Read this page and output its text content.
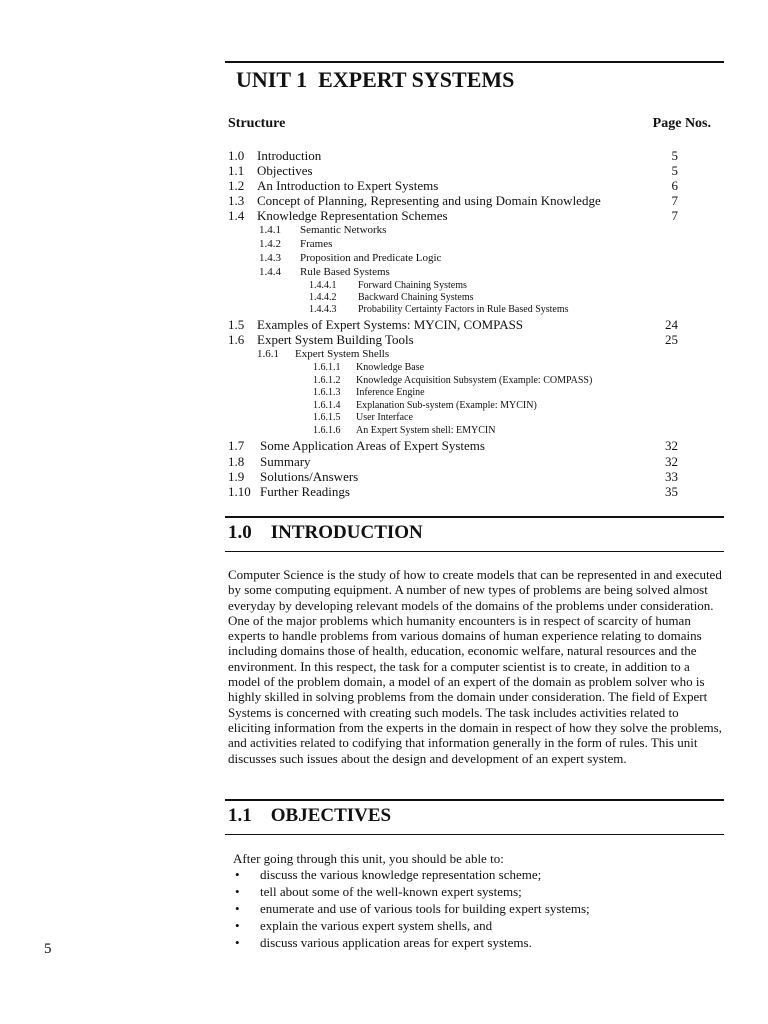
5
UNIT 1  EXPERT SYSTEMS
Structure	Page Nos.
1.0 Introduction	5
1.1 Objectives	5
1.2 An Introduction to Expert Systems	6
1.3 Concept of Planning, Representing and using Domain Knowledge	7
1.4 Knowledge Representation Schemes	7
1.4.1 Semantic Networks
1.4.2 Frames
1.4.3 Proposition and Predicate Logic
1.4.4 Rule Based Systems
1.4.4.1 Forward Chaining Systems
1.4.4.2 Backward Chaining Systems
1.4.4.3 Probability Certainty Factors in Rule Based Systems
1.5 Examples of Expert Systems: MYCIN, COMPASS	24
1.6 Expert System Building Tools	25
1.6.1 Expert System Shells
1.6.1.1 Knowledge Base
1.6.1.2 Knowledge Acquisition Subsystem (Example: COMPASS)
1.6.1.3 Inference Engine
1.6.1.4 Explanation Sub-system (Example: MYCIN)
1.6.1.5 User Interface
1.6.1.6 An Expert System shell: EMYCIN
1.7 Some Application Areas of Expert Systems	32
1.8 Summary	32
1.9 Solutions/Answers	33
1.10 Further Readings	35
1.0    INTRODUCTION

Computer Science is the study of how to create models that can be represented in and executed by some computing equipment. A number of new types of problems are being solved almost everyday by developing relevant models of the domains of the problems under consideration. One of the major problems which humanity encounters is in respect of scarcity of human experts to handle problems from various domains of human experience relating to domains including domains those of health, education, economic welfare, natural resources and the environment. In this respect, the task for a computer scientist is to create, in addition to a model of the problem domain, a model of an expert of the domain as problem solver who is highly skilled in solving problems from the domain under consideration. The field of Expert Systems is concerned with creating such models. The task includes activities related to eliciting information from the experts in the domain in respect of how they solve the problems, and activities related to codifying that information generally in the form of rules. This unit discusses such issues about the design and development of an expert system.

1.1    OBJECTIVES
After going through this unit, you should be able to:
• discuss the various knowledge representation scheme;
• tell about some of the well-known expert systems;
• enumerate and use of various tools for building expert systems;
• explain the various expert system shells, and
• discuss various application areas for expert systems.
